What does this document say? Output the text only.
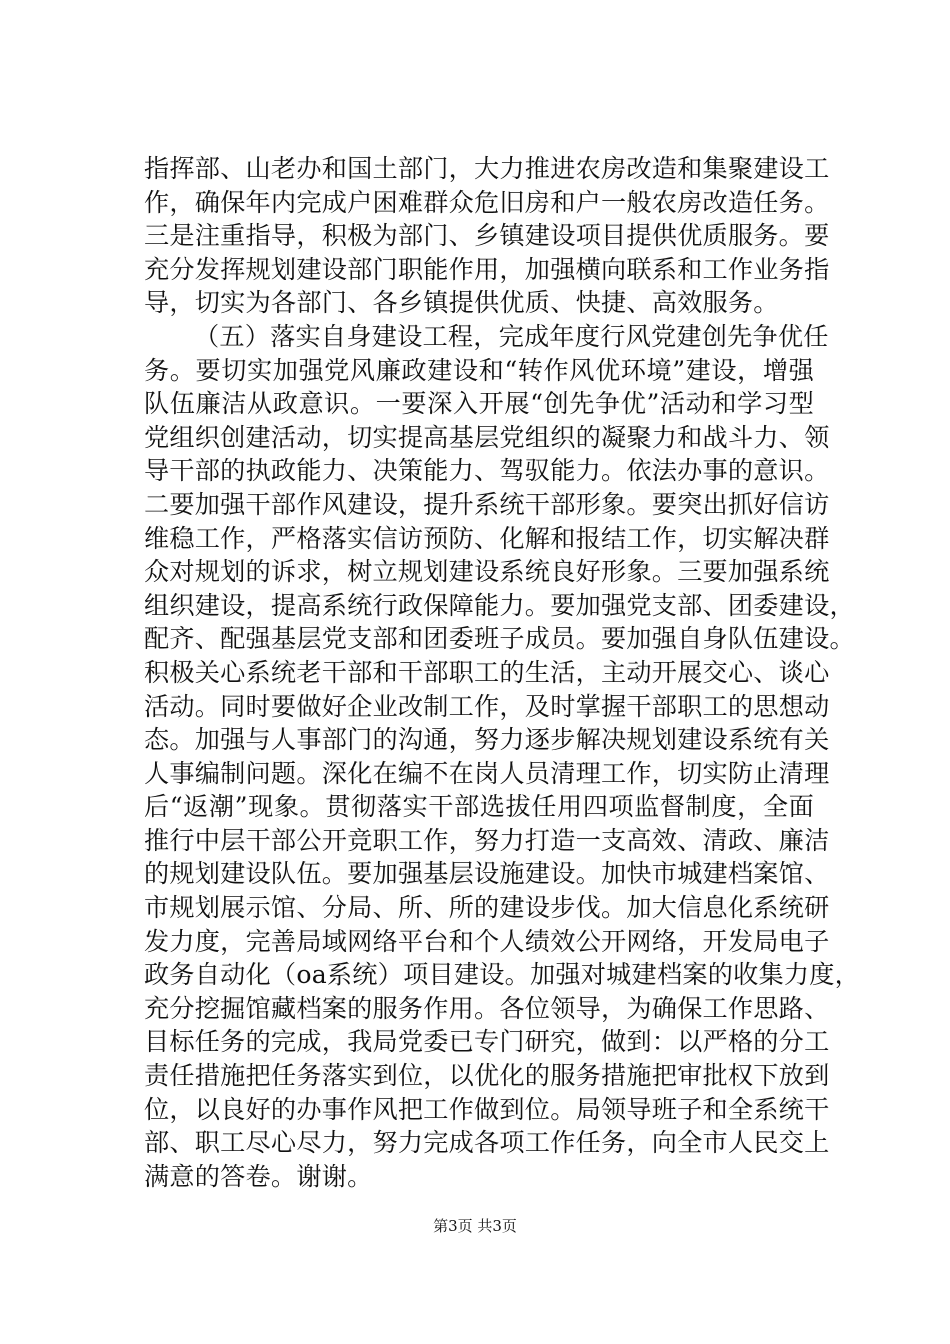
指挥部、山老办和国土部门，大力推进农房改造和集聚建设工
作，确保年内完成户困难群众危旧房和户一般农房改造任务。
三是注重指导，积极为部门、乡镇建设项目提供优质服务。要
充分发挥规划建设部门职能作用，加强横向联系和工作业务指
导，切实为各部门、各乡镇提供优质、快捷、高效服务。
（五）落实自身建设工程，完成年度行风党建创先争优任
务。要切实加强党风廉政建设和“转作风优环境”建设，增强
队伍廉洁从政意识。一要深入开展“创先争优”活动和学习型
党组织创建活动，切实提高基层党组织的凝聚力和战斗力、领
导干部的执政能力、决策能力、驾驭能力。依法办事的意识。
二要加强干部作风建设，提升系统干部形象。要突出抓好信访
维稳工作，严格落实信访预防、化解和报结工作，切实解决群
众对规划的诉求，树立规划建设系统良好形象。三要加强系统
组织建设，提高系统行政保障能力。要加强党支部、团委建设，
配齐、配强基层党支部和团委班子成员。要加强自身队伍建设。
积极关心系统老干部和干部职工的生活，主动开展交心、谈心
活动。同时要做好企业改制工作，及时掌握干部职工的思想动
态。加强与人事部门的沟通，努力逐步解决规划建设系统有关
人事编制问题。深化在编不在岗人员清理工作，切实防止清理
后“返潮”现象。贯彻落实干部选拔任用四项监督制度，全面
推行中层干部公开竞职工作，努力打造一支高效、清政、廉洁
的规划建设队伍。要加强基层设施建设。加快市城建档案馆、
市规划展示馆、分局、所、所的建设步伐。加大信息化系统研
发力度，完善局域网络平台和个人绩效公开网络，开发局电子
政务自动化（oa系统）项目建设。加强对城建档案的收集力度，
充分挖掘馆藏档案的服务作用。各位领导，为确保工作思路、
目标任务的完成，我局党委已专门研究，做到：以严格的分工
责任措施把任务落实到位，以优化的服务措施把审批权下放到
位，以良好的办事作风把工作做到位。局领导班子和全系统干
部、职工尽心尽力，努力完成各项工作任务，向全市人民交上
满意的答卷。谢谢。
第3页 共3页
